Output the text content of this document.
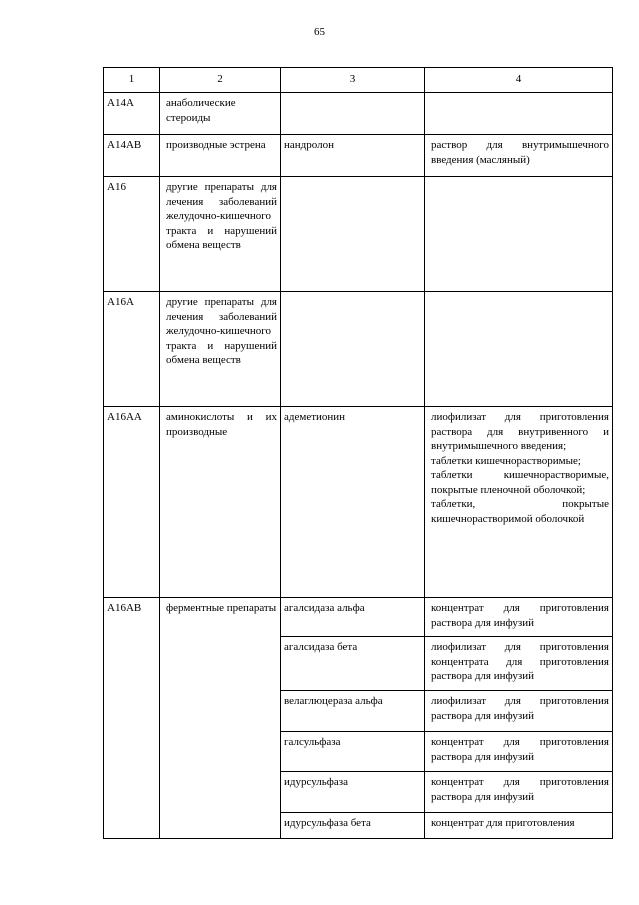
65
1	2	3	4
A14A	анаболические стероиды		
A14AB	производные эстрена	нандролон	раствор для внутримышечного введения (масляный)
A16	другие препараты для лечения заболеваний желудочно-кишечного тракта и нарушений обмена веществ		
A16A	другие препараты для лечения заболеваний желудочно-кишечного тракта и нарушений обмена веществ		
A16AA	аминокислоты и их производные	адеметионин	лиофилизат для приготовления раствора для внутривенного и внутримышечного введения;
таблетки кишечнорастворимые;
таблетки кишечнорастворимые, покрытые пленочной оболочкой;
таблетки, покрытые кишечнорастворимой оболочкой

A16AB	ферментные препараты	агалсидаза альфа	концентрат для приготовления раствора для инфузий
		агалсидаза бета	лиофилизат для приготовления концентрата для приготовления раствора для инфузий
		велаглюцераза альфа	лиофилизат для приготовления раствора для инфузий
		галсульфаза	концентрат для приготовления раствора для инфузий
		идурсульфаза	концентрат для приготовления раствора для инфузий
		идурсульфаза бета	концентрат для приготовления
